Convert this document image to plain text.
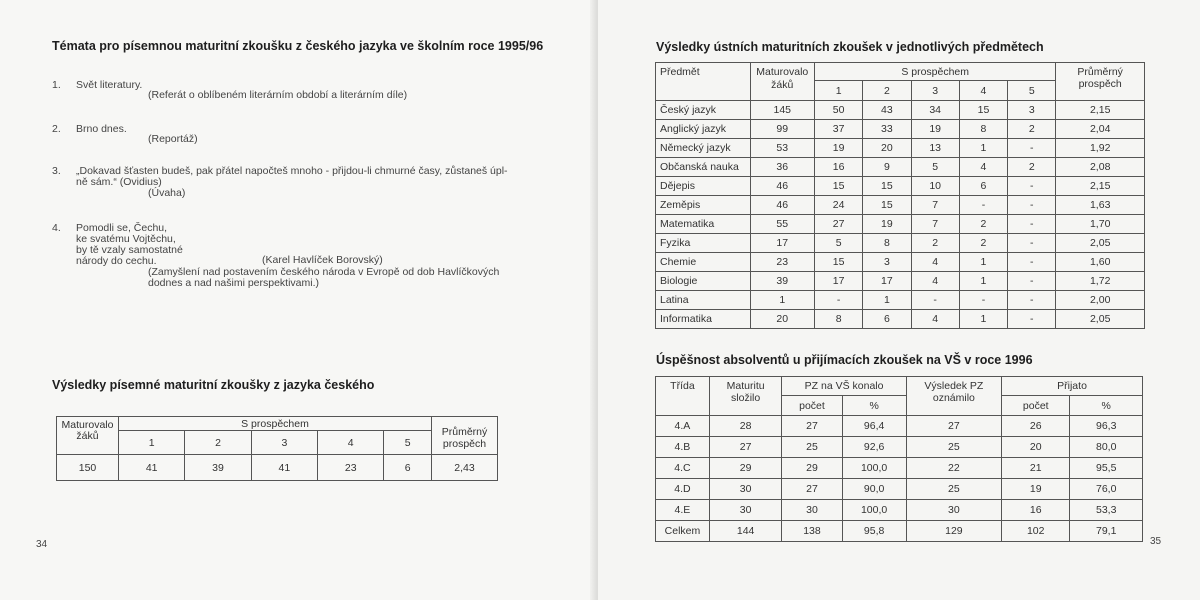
Témata pro písemnou maturitní zkoušku z českého jazyka ve školním roce 1995/96
1. Svět literatury.
(Referát o oblíbeném literárním období a literárním díle)
2. Brno dnes.
(Reportáž)
3. „Dokavad šťasten budeš, pak přátel napočteš mnoho - přijdou-li chmurné časy, zůstaneš úpl-
ně sám.“ (Ovidius)
(Úvaha)
4. Pomodli se, Čechu,
ke svatému Vojtěchu,
by tě vzaly samostatné
národy do cechu.	(Karel Havlíček Borovský)
(Zamyšlení nad postavením českého národa v Evropě od dob Havlíčkových
dodnes a nad našimi perspektivami.)
Výsledky písemné maturitní zkoušky z jazyka českého
Maturovalo žáků	S prospěchem					Průměrný prospěch

	1	2	3	4	5	
150	41	39	41	23	6	2,43
34
Výsledky ústních maturitních zkoušek v jednotlivých předmětech
Předmět	Maturovalo žáků	S prospěchem					Průměrný prospěch

		1	2	3	4	5	
Český jazyk	145	50	43	34	15	3	2,15
Anglický jazyk	99	37	33	19	8	2	2,04
Německý jazyk	53	19	20	13	1	-	1,92
Občanská nauka	36	16	9	5	4	2	2,08
Dějepis	46	15	15	10	6	-	2,15
Zeměpis	46	24	15	7	-	-	1,63
Matematika	55	27	19	7	2	-	1,70
Fyzika	17	5	8	2	2	-	2,05
Chemie	23	15	3	4	1	-	1,60
Biologie	39	17	17	4	1	-	1,72
Latina	1	-	1	-	-	-	2,00
Informatika	20	8	6	4	1	-	2,05
Úspěšnost absolventů u přijímacích zkoušek na VŠ v roce 1996
Třída	Maturitu složilo	PZ na VŠ konalo		Výsledek PZ oznámilo	Přijato	
		počet	%		počet	%
4.A	28	27	96,4	27	26	96,3
4.B	27	25	92,6	25	20	80,0
4.C	29	29	100,0	22	21	95,5
4.D	30	27	90,0	25	19	76,0
4.E	30	30	100,0	30	16	53,3
Celkem	144	138	95,8	129	102	79,1
35
